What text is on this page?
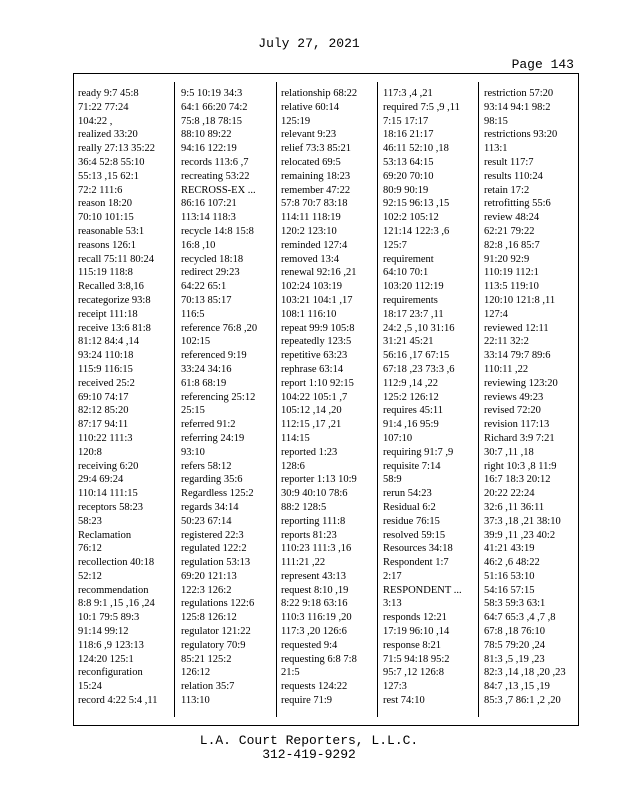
July 27, 2021
Page 143
ready 9:7 45:8
71:22 77:24
104:22 ,
realized 33:20
really 27:13 35:22
36:4 52:8 55:10
55:13 ,15 62:1
72:2 111:6
reason 18:20
70:10 101:15
reasonable 53:1
reasons 126:1
recall 75:11 80:24
115:19 118:8
Recalled 3:8,16
recategorize 93:8
receipt 111:18
receive 13:6 81:8
81:12 84:4 ,14
93:24 110:18
115:9 116:15
received 25:2
69:10 74:17
82:12 85:20
87:17 94:11
110:22 111:3
120:8
receiving 6:20
29:4 69:24
110:14 111:15
receptors 58:23
58:23
Reclamation
76:12
recollection 40:18
52:12
recommendation
8:8 9:1 ,15 ,16 ,24
10:1 79:5 89:3
91:14 99:12
118:6 ,9 123:13
124:20 125:1
reconfiguration
15:24
record 4:22 5:4 ,11
9:5 10:19 34:3
64:1 66:20 74:2
75:8 ,18 78:15
88:10 89:22
94:16 122:19
records 113:6 ,7
recreating 53:22
RECROSS-EX ...
86:16 107:21
113:14 118:3
recycle 14:8 15:8
16:8 ,10
recycled 18:18
redirect 29:23
64:22 65:1
70:13 85:17
116:5
reference 76:8 ,20
102:15
referenced 9:19
33:24 34:16
61:8 68:19
referencing 25:12
25:15
referred 91:2
referring 24:19
93:10
refers 58:12
regarding 35:6
Regardless 125:2
regards 34:14
50:23 67:14
registered 22:3
regulated 122:2
regulation 53:13
69:20 121:13
122:3 126:2
regulations 122:6
125:8 126:12
regulator 121:22
regulatory 70:9
85:21 125:2
126:12
relation 35:7
113:10
relationship 68:22
relative 60:14
125:19
relevant 9:23
relief 73:3 85:21
relocated 69:5
remaining 18:23
remember 47:22
57:8 70:7 83:18
114:11 118:19
120:2 123:10
reminded 127:4
removed 13:4
renewal 92:16 ,21
102:24 103:19
103:21 104:1 ,17
108:1 116:10
repeat 99:9 105:8
repeatedly 123:5
repetitive 63:23
rephrase 63:14
report 1:10 92:15
104:22 105:1 ,7
105:12 ,14 ,20
112:15 ,17 ,21
114:15
reported 1:23
128:6
reporter 1:13 10:9
30:9 40:10 78:6
88:2 128:5
reporting 111:8
reports 81:23
110:23 111:3 ,16
111:21 ,22
represent 43:13
request 8:10 ,19
8:22 9:18 63:16
110:3 116:19 ,20
117:3 ,20 126:6
requested 9:4
requesting 6:8 7:8
21:5
requests 124:22
require 71:9
117:3 ,4 ,21
required 7:5 ,9 ,11
7:15 17:17
18:16 21:17
46:11 52:10 ,18
53:13 64:15
69:20 70:10
80:9 90:19
92:15 96:13 ,15
102:2 105:12
121:14 122:3 ,6
125:7
requirement
64:10 70:1
103:20 112:19
requirements
18:17 23:7 ,11
24:2 ,5 ,10 31:16
31:21 45:21
56:16 ,17 67:15
67:18 ,23 73:3 ,6
112:9 ,14 ,22
125:2 126:12
requires 45:11
91:4 ,16 95:9
107:10
requiring 91:7 ,9
requisite 7:14
58:9
rerun 54:23
Residual 6:2
residue 76:15
resolved 59:15
Resources 34:18
Respondent 1:7
2:17
RESPONDENT ...
3:13
responds 12:21
17:19 96:10 ,14
response 8:21
71:5 94:18 95:2
95:7 ,12 126:8
127:3
rest 74:10
restriction 57:20
93:14 94:1 98:2
98:15
restrictions 93:20
113:1
result 117:7
results 110:24
retain 17:2
retrofitting 55:6
review 48:24
62:21 79:22
82:8 ,16 85:7
91:20 92:9
110:19 112:1
113:5 119:10
120:10 121:8 ,11
127:4
reviewed 12:11
22:11 32:2
33:14 79:7 89:6
110:11 ,22
reviewing 123:20
reviews 49:23
revised 72:20
revision 117:13
Richard 3:9 7:21
30:7 ,11 ,18
right 10:3 ,8 11:9
16:7 18:3 20:12
20:22 22:24
32:6 ,11 36:11
37:3 ,18 ,21 38:10
39:9 ,11 ,23 40:2
41:21 43:19
46:2 ,6 48:22
51:16 53:10
54:16 57:15
58:3 59:3 63:1
64:7 65:3 ,4 ,7 ,8
67:8 ,18 76:10
78:5 79:20 ,24
81:3 ,5 ,19 ,23
82:3 ,14 ,18 ,20 ,23
84:7 ,13 ,15 ,19
85:3 ,7 86:1 ,2 ,20
L.A. Court Reporters, L.L.C.
312-419-9292
